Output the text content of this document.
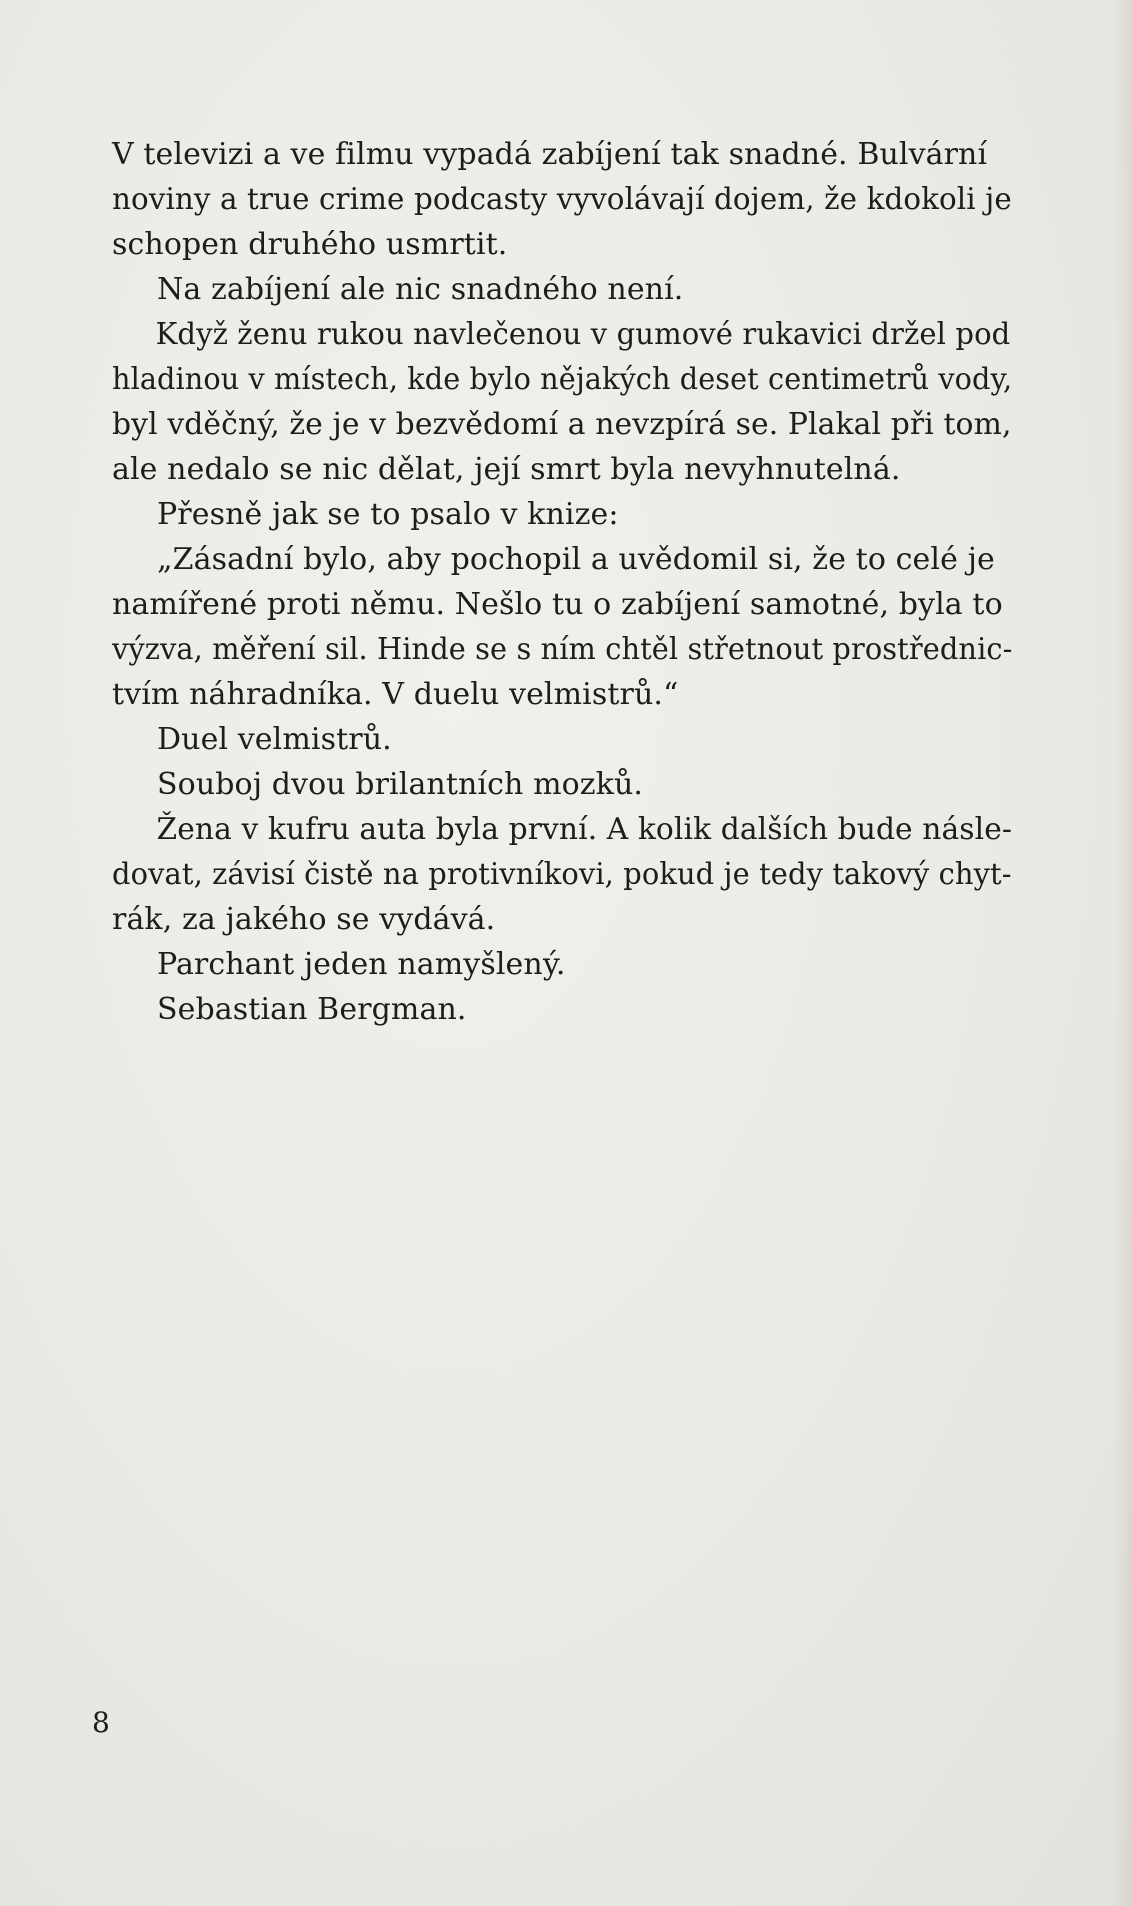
V televizi a ve filmu vypadá zabíjení tak snadné. Bulvární
noviny a true crime podcasty vyvolávají dojem, že kdokoli je
schopen druhého usmrtit.
Na zabíjení ale nic snadného není.
Když ženu rukou navlečenou v gumové rukavici držel pod
hladinou v místech, kde bylo nějakých deset centimetrů vody,
byl vděčný, že je v bezvědomí a nevzpírá se. Plakal při tom,
ale nedalo se nic dělat, její smrt byla nevyhnutelná.
Přesně jak se to psalo v knize:
„Zásadní bylo, aby pochopil a uvědomil si, že to celé je
namířené proti němu. Nešlo tu o zabíjení samotné, byla to
výzva, měření sil. Hinde se s ním chtěl střetnout prostřednic-
tvím náhradníka. V duelu velmistrů.“
Duel velmistrů.
Souboj dvou brilantních mozků.
Žena v kufru auta byla první. A kolik dalších bude násle-
dovat, závisí čistě na protivníkovi, pokud je tedy takový chyt-
rák, za jakého se vydává.
Parchant jeden namyšlený.
Sebastian Bergman.
8
